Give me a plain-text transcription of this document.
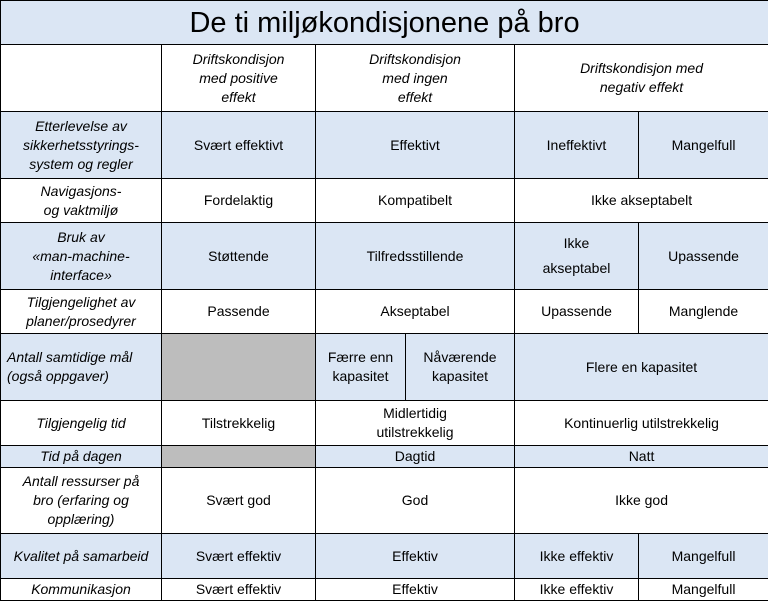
De ti miljøkondisjonene på bro					
	Driftskondisjon
med positive
effekt	Driftskondisjon
med ingen
effekt		Driftskondisjon med
negativ effekt	
Etterlevelse av
sikkerhetsstyrings-
system og regler	Svært effektivt	Effektivt		Ineffektivt	Mangelfull
Navigasjons-
og vaktmiljø	Fordelaktig	Kompatibelt		Ikke akseptabelt	
Bruk av
«man-machine-
interface»	Støttende	Tilfredsstillende		Ikke
akseptabel	Upassende
Tilgjengelighet av
planer/prosedyrer	Passende	Akseptabel		Upassende	Manglende
Antall samtidige mål
(også oppgaver)		Færre enn
kapasitet	Nåværende
kapasitet	Flere en kapasitet	
Tilgjengelig tid	Tilstrekkelig	Midlertidig
utilstrekkelig		Kontinuerlig utilstrekkelig	
Tid på dagen		Dagtid		Natt	
Antall ressurser på
bro (erfaring og
opplæring)	Svært god	God		Ikke god	
Kvalitet på samarbeid	Svært effektiv	Effektiv		Ikke effektiv	Mangelfull
Kommunikasjon	Svært effektiv	Effektiv		Ikke effektiv	Mangelfull
